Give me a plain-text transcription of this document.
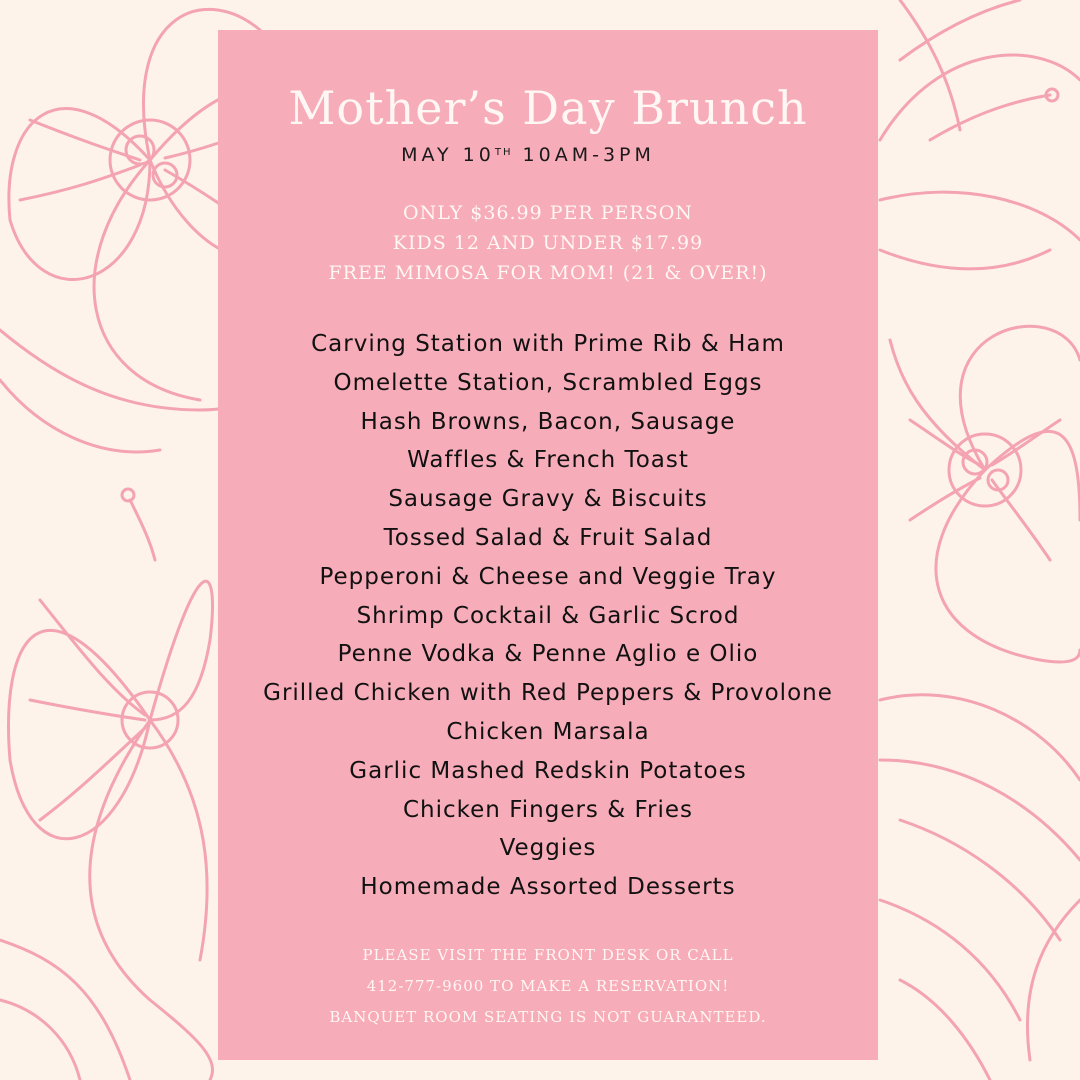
Mother’s Day Brunch
MAY 10TH 10AM-3PM
ONLY $36.99 PER PERSON
KIDS 12 AND UNDER $17.99
FREE MIMOSA FOR MOM! (21 & OVER!)
Carving Station with Prime Rib & Ham
Omelette Station, Scrambled Eggs
Hash Browns, Bacon, Sausage
Waffles & French Toast
Sausage Gravy & Biscuits
Tossed Salad & Fruit Salad
Pepperoni & Cheese and Veggie Tray
Shrimp Cocktail & Garlic Scrod
Penne Vodka & Penne Aglio e Olio
Grilled Chicken with Red Peppers & Provolone
Chicken Marsala
Garlic Mashed Redskin Potatoes
Chicken Fingers & Fries
Veggies
Homemade Assorted Desserts
PLEASE VISIT THE FRONT DESK OR CALL
412-777-9600 TO MAKE A RESERVATION!
BANQUET ROOM SEATING IS NOT GUARANTEED.
